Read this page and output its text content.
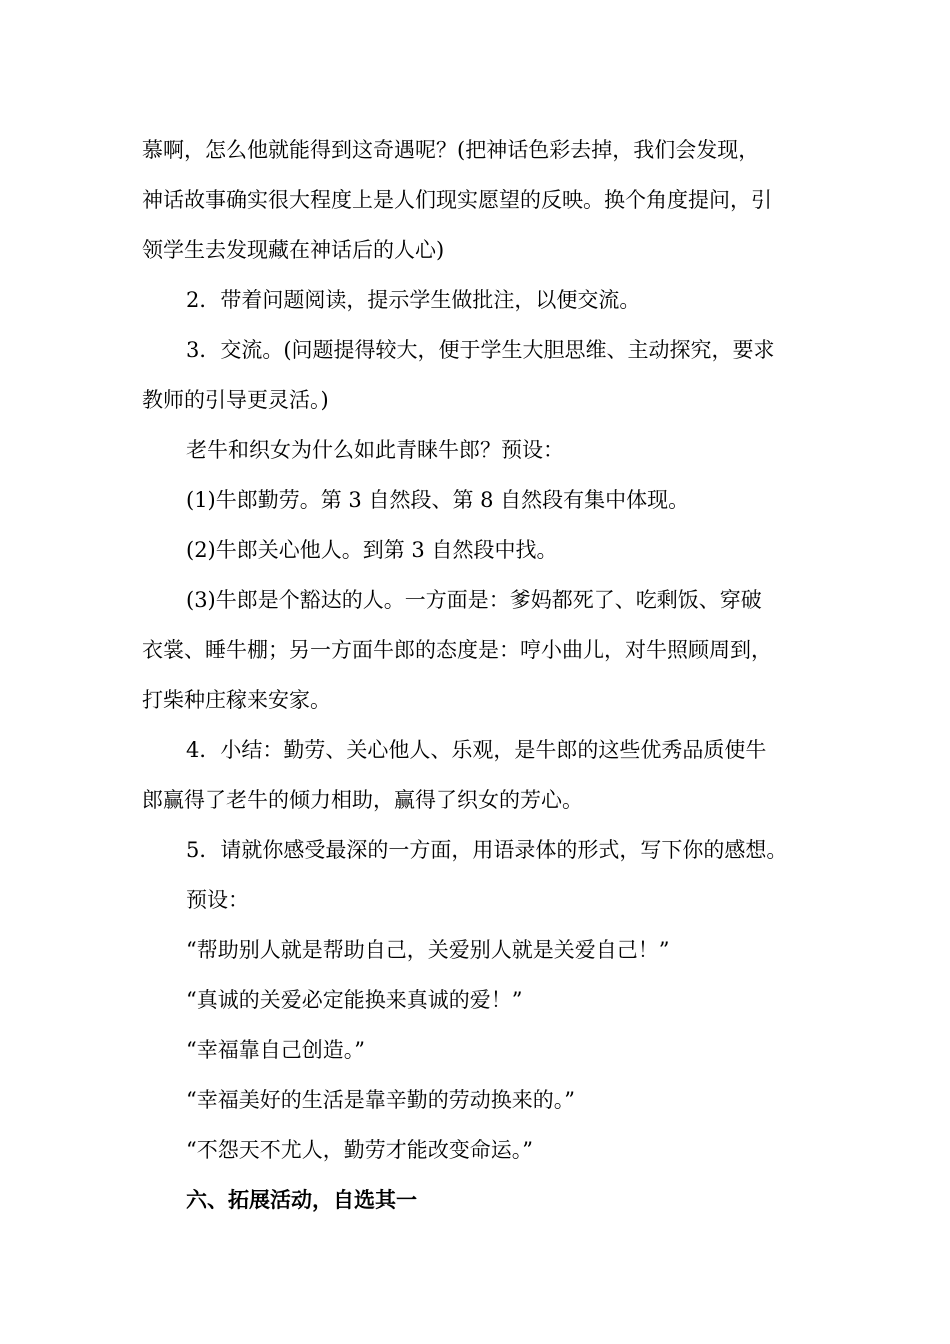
慕啊，怎么他就能得到这奇遇呢？(把神话色彩去掉，我们会发现，
神话故事确实很大程度上是人们现实愿望的反映。换个角度提问，引
领学生去发现藏在神话后的人心)
2．带着问题阅读，提示学生做批注，以便交流。
3．交流。(问题提得较大，便于学生大胆思维、主动探究，要求
教师的引导更灵活。)
老牛和织女为什么如此青睐牛郎？预设：
(1)牛郎勤劳。第 3 自然段、第 8 自然段有集中体现。
(2)牛郎关心他人。到第 3 自然段中找。
(3)牛郎是个豁达的人。一方面是：爹妈都死了、吃剩饭、穿破
衣裳、睡牛棚；另一方面牛郎的态度是：哼小曲儿，对牛照顾周到，
打柴种庄稼来安家。
4．小结：勤劳、关心他人、乐观，是牛郎的这些优秀品质使牛
郎赢得了老牛的倾力相助，赢得了织女的芳心。
5．请就你感受最深的一方面，用语录体的形式，写下你的感想。
预设：
“帮助别人就是帮助自己，关爱别人就是关爱自己！”
“真诚的关爱必定能换来真诚的爱！”
“幸福靠自己创造。”
“幸福美好的生活是靠辛勤的劳动换来的。”
“不怨天不尤人，勤劳才能改变命运。”
六、拓展活动，自选其一
